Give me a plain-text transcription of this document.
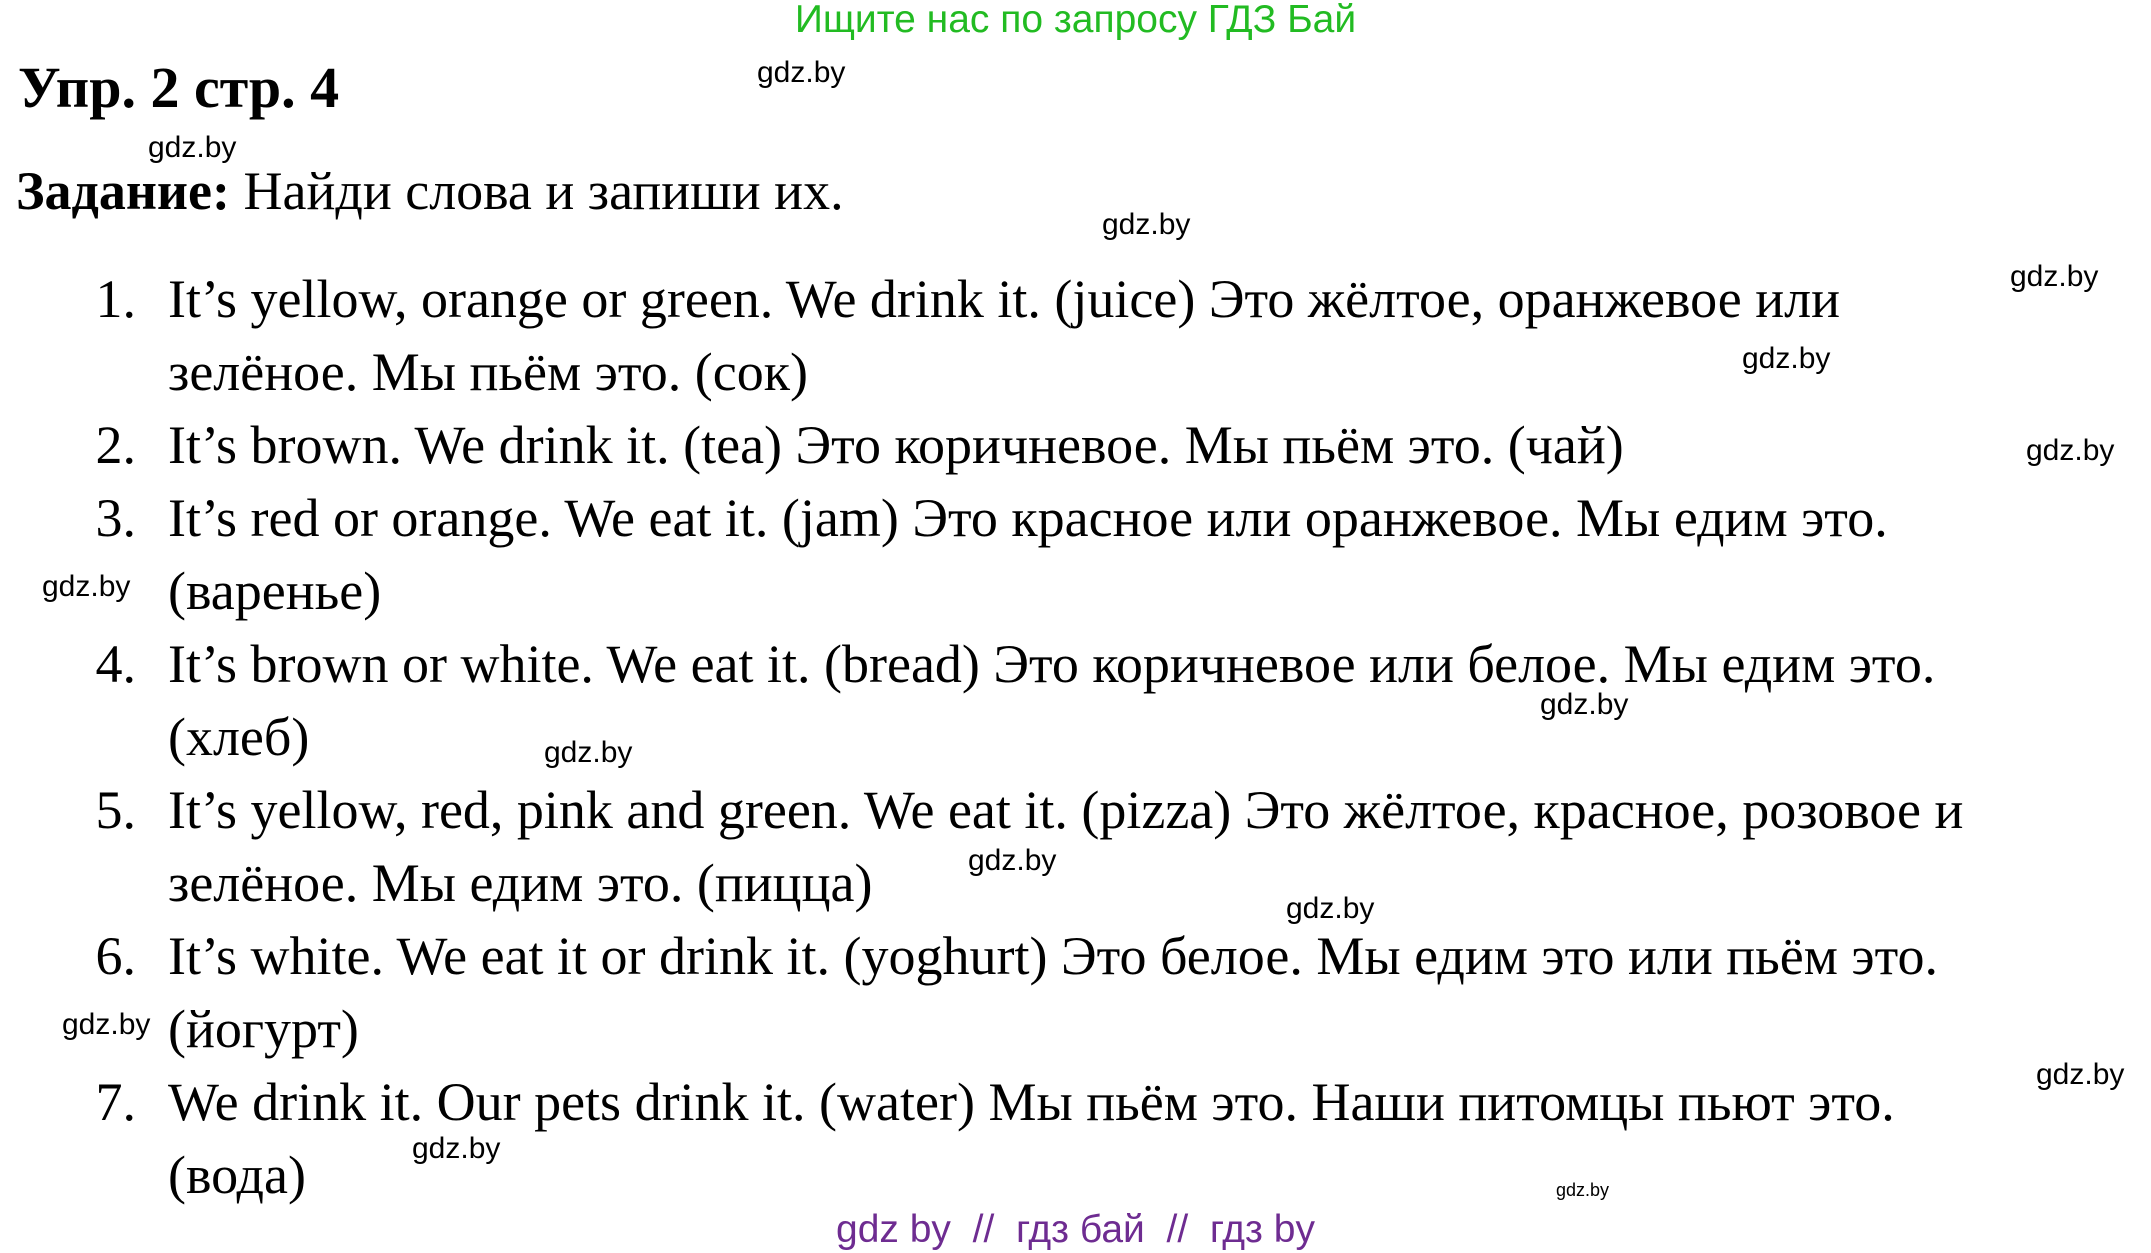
Ищите нас по запросу ГДЗ Бай
Упр. 2 стр. 4
Задание: Найди слова и запиши их.
1. It’s yellow, orange or green. We drink it. (juice) Это жёлтое, оранжевое или
зелёное. Мы пьём это. (сок)
2. It’s brown. We drink it. (tea) Это коричневое. Мы пьём это. (чай)
3. It’s red or orange. We eat it. (jam) Это красное или оранжевое. Мы едим это.
(варенье)
4. It’s brown or white. We eat it. (bread) Это коричневое или белое. Мы едим это.
(хлеб)
5. It’s yellow, red, pink and green. We eat it. (pizza) Это жёлтое, красное, розовое и
зелёное. Мы едим это. (пицца)
6. It’s white. We eat it or drink it. (yoghurt) Это белое. Мы едим это или пьём это.
(йогурт)
7. We drink it. Our pets drink it. (water) Мы пьём это. Наши питомцы пьют это.
(вода)
gdz.by
gdz.by
gdz.by
gdz.by
gdz.by
gdz.by
gdz.by
gdz.by
gdz.by
gdz.by
gdz.by
gdz.by
gdz.by
gdz.by
gdz.by
gdz by  //  гдз бай  //  гдз by
